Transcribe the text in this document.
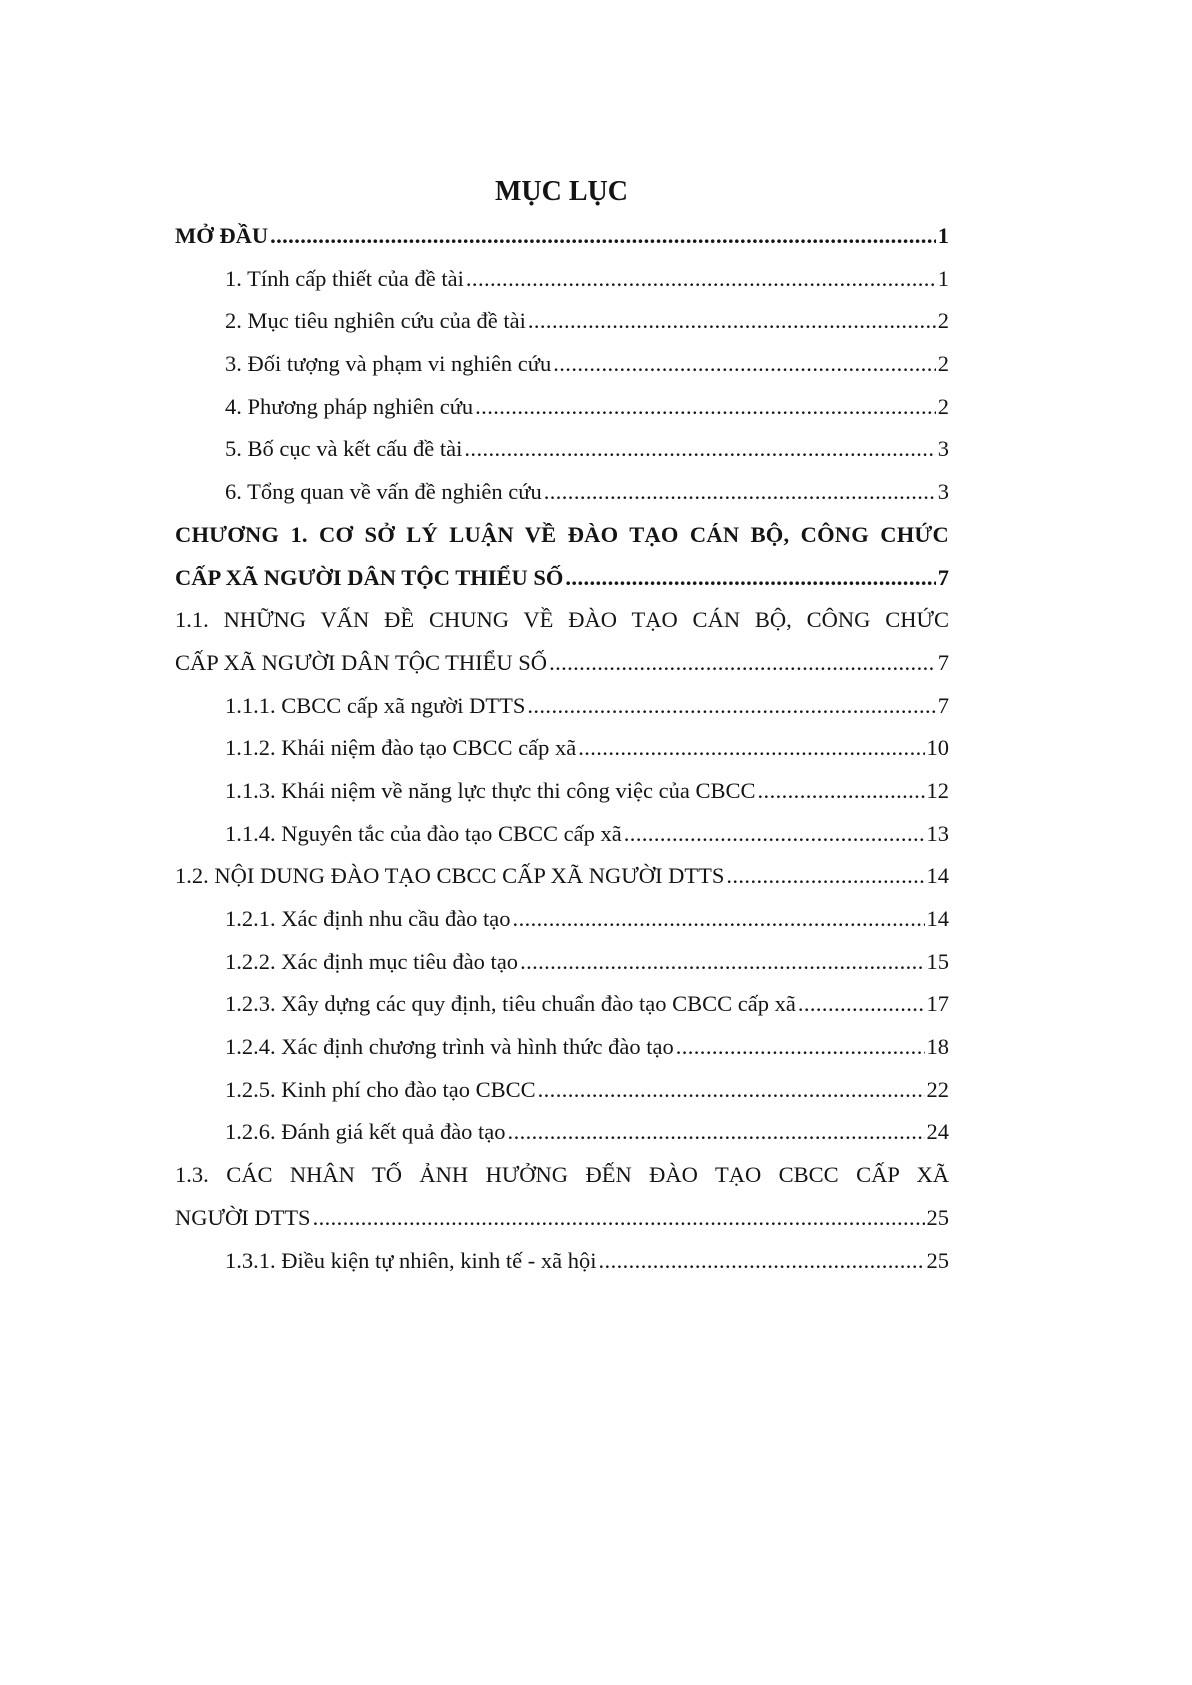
MỤC LỤC
MỞ ĐẦU .....	1
1. Tính cấp thiết của đề tài .....	1
2. Mục tiêu nghiên cứu của đề tài .....	2
3. Đối tượng và phạm vi nghiên cứu .....	2
4. Phương pháp nghiên cứu .....	2
5. Bố cục và kết cấu đề tài .....	3
6. Tổng quan về vấn đề nghiên cứu .....	3
CHƯƠNG 1. CƠ SỞ LÝ LUẬN VỀ ĐÀO TẠO CÁN BỘ, CÔNG CHỨC
CẤP XÃ NGƯỜI DÂN TỘC THIỂU SỐ .....	7
1.1. NHỮNG VẤN ĐỀ CHUNG VỀ ĐÀO TẠO CÁN BỘ, CÔNG CHỨC
CẤP XÃ NGƯỜI DÂN TỘC THIỂU SỐ .....	7
1.1.1. CBCC cấp xã người DTTS .....	7
1.1.2. Khái niệm đào tạo CBCC cấp xã .....	10
1.1.3. Khái niệm về năng lực thực thi công việc của CBCC .....	12
1.1.4. Nguyên tắc của đào tạo CBCC cấp xã .....	13
1.2. NỘI DUNG ĐÀO TẠO CBCC CẤP XÃ NGƯỜI DTTS .....	14
1.2.1. Xác định nhu cầu đào tạo .....	14
1.2.2. Xác định mục tiêu đào tạo .....	15
1.2.3. Xây dựng các quy định, tiêu chuẩn đào tạo CBCC cấp xã .....	17
1.2.4. Xác định chương trình và hình thức đào tạo .....	18
1.2.5. Kinh phí cho đào tạo CBCC .....	22
1.2.6. Đánh giá kết quả đào tạo .....	24
1.3. CÁC NHÂN TỐ ẢNH HƯỞNG ĐẾN ĐÀO TẠO CBCC CẤP XÃ
NGƯỜI DTTS .....	25
1.3.1. Điều kiện tự nhiên, kinh tế - xã hội .....	25
